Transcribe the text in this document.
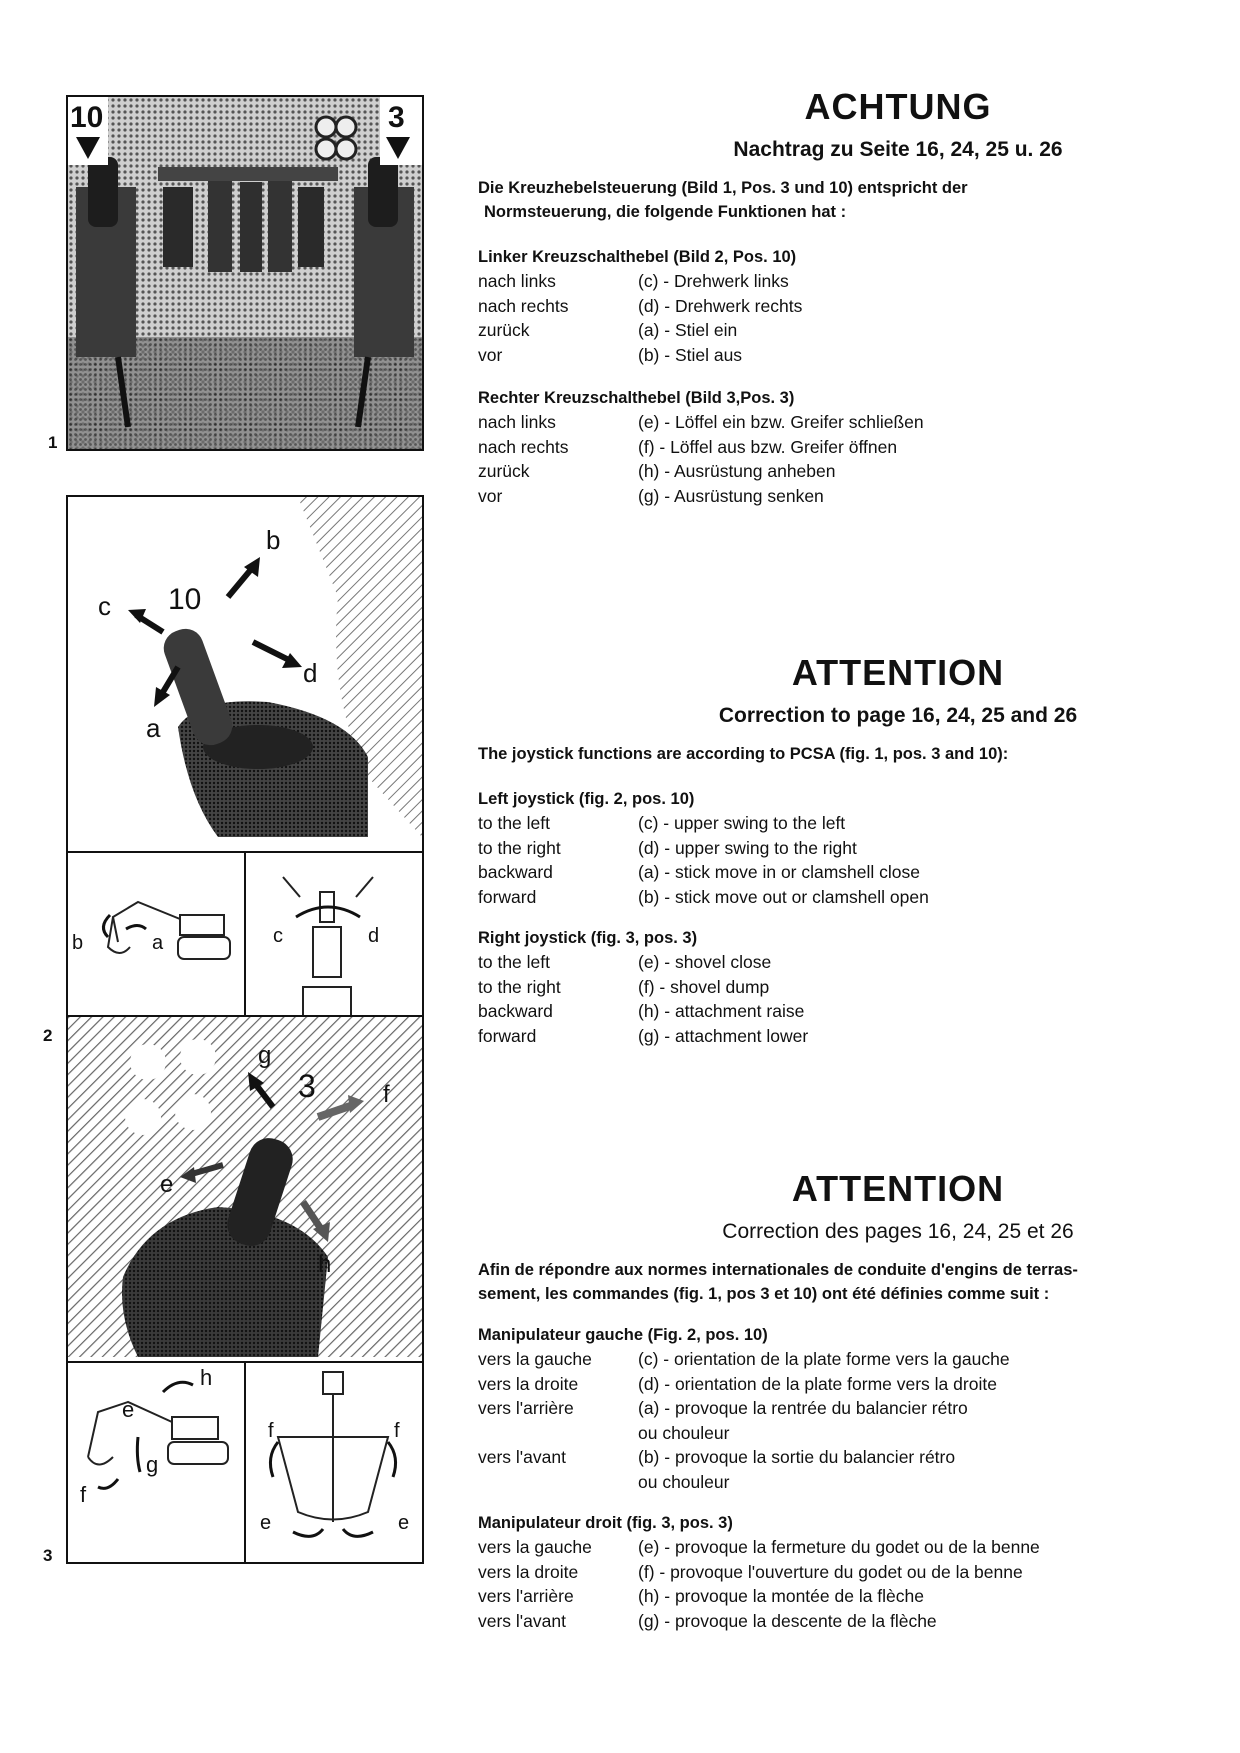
1
10	3
2
10
c
b
d
a
b	a	c	d
3
3
g
f
e
h
h
e
g
f
f	f
e	e

ACHTUNG

Nachtrag zu Seite 16, 24, 25 u. 26

Die Kreuzhebelsteuerung (Bild 1, Pos. 3 und 10) entspricht der
Normsteuerung, die folgende Funktionen hat :

Linker Kreuzschalthebel (Bild 2, Pos. 10)

nach links	(c) - Drehwerk links
nach rechts	(d) - Drehwerk rechts
zurück	(a) - Stiel ein
vor	(b) - Stiel aus

Rechter Kreuzschalthebel (Bild 3,Pos. 3)

nach links	(e) - Löffel ein bzw. Greifer schließen
nach rechts	(f) - Löffel aus bzw. Greifer öffnen
zurück	(h) - Ausrüstung anheben
vor	(g) - Ausrüstung senken

ATTENTION

Correction to page 16, 24, 25 and 26

The joystick functions are according to PCSA (fig. 1, pos. 3 and 10):

Left joystick (fig. 2, pos. 10)

to the left	(c) - upper swing to the left
to the right	(d) - upper swing to the right
backward	(a) - stick move in or clamshell close
forward	(b) - stick move out or clamshell open

Right joystick (fig. 3, pos. 3)

to the left	(e) - shovel close
to the right	(f) - shovel dump
backward	(h) - attachment raise
forward	(g) - attachment lower

ATTENTION

Correction des pages 16, 24, 25 et 26

Afin de répondre aux normes internationales de conduite d'engins de terras-
sement, les commandes (fig. 1, pos 3 et 10) ont été définies comme suit :

Manipulateur gauche (Fig. 2, pos. 10)

vers la gauche	(c) - orientation de la plate forme vers la gauche
vers la droite	(d) - orientation de la plate forme vers la droite
vers l'arrière	(a) - provoque la rentrée du balancier rétro
ou chouleur
vers l'avant	(b) - provoque la sortie du balancier rétro
ou chouleur

Manipulateur droit (fig. 3, pos. 3)

vers la gauche	(e) - provoque la fermeture du godet ou de la benne
vers la droite	(f) - provoque l'ouverture du godet ou de la benne
vers l'arrière	(h) - provoque la montée de la flèche
vers l'avant	(g) - provoque la descente de la flèche
